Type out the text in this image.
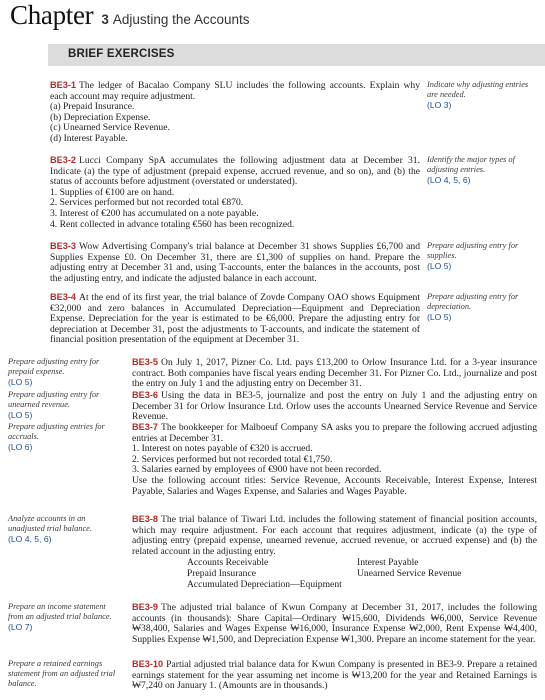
Chapter 3 Adjusting the Accounts
BRIEF EXERCISES

BE3-1 The ledger of Bacalao Company SLU includes the following accounts. Explain why each account may require adjustment.

(a) Prepaid Insurance.
(b) Depreciation Expense.
(c) Unearned Service Revenue.
(d) Interest Payable.
Indicate why adjusting entries are needed.
(LO 3)

BE3-2 Lucci Company SpA accumulates the following adjustment data at December 31. Indicate (a) the type of adjustment (prepaid expense, accrued revenue, and so on), and (b) the status of accounts before adjustment (overstated or understated).

1. Supplies of €100 are on hand.
2. Services performed but not recorded total €870.
3. Interest of €200 has accumulated on a note payable.
4. Rent collected in advance totaling €560 has been recognized.
Identify the major types of adjusting entries.
(LO 4, 5, 6)

BE3-3 Wow Advertising Company's trial balance at December 31 shows Supplies £6,700 and Supplies Expense £0. On December 31, there are £1,300 of supplies on hand. Prepare the adjusting entry at December 31 and, using T-accounts, enter the balances in the accounts, post the adjusting entry, and indicate the adjusted balance in each account.

Prepare adjusting entry for supplies.
(LO 5)

BE3-4 At the end of its first year, the trial balance of Zovde Company OAO shows Equipment €32,000 and zero balances in Accumulated Depreciation—Equipment and Depreciation Expense. Depreciation for the year is estimated to be €6,000. Prepare the adjusting entry for depreciation at December 31, post the adjustments to T-accounts, and indicate the statement of financial position presentation of the equipment at December 31.

Prepare adjusting entry for depreciation.
(LO 5)
Prepare adjusting entry for prepaid expense.
(LO 5)
Prepare adjusting entry for unearned revenue.
(LO 5)
Prepare adjusting entries for accruals.
(LO 6)
Analyze accounts in an unadjusted trial balance.
(LO 4, 5, 6)
Prepare an income statement from an adjusted trial balance.
(LO 7)
Prepare a retained earnings statement from an adjusted trial balance.

BE3-5 On July 1, 2017, Pizner Co. Ltd. pays £13,200 to Orlow Insurance Ltd. for a 3-year insurance contract. Both companies have fiscal years ending December 31. For Pizner Co. Ltd., journalize and post the entry on July 1 and the adjusting entry on December 31.

BE3-6 Using the data in BE3-5, journalize and post the entry on July 1 and the adjusting entry on December 31 for Orlow Insurance Ltd. Orlow uses the accounts Unearned Service Revenue and Service Revenue.

BE3-7 The bookkeeper for Malboeuf Company SA asks you to prepare the following accrued adjusting entries at December 31.

1. Interest on notes payable of €320 is accrued.
2. Services performed but not recorded total €1,750.
3. Salaries earned by employees of €900 have not been recorded.

Use the following account titles: Service Revenue, Accounts Receivable, Interest Expense, Interest Payable, Salaries and Wages Expense, and Salaries and Wages Payable.

BE3-8 The trial balance of Tiwari Ltd. includes the following statement of financial position accounts, which may require adjustment. For each account that requires adjustment, indicate (a) the type of adjusting entry (prepaid expense, unearned revenue, accrued revenue, or accrued expense) and (b) the related account in the adjusting entry.

Accounts Receivable
Prepaid Insurance
Accumulated Depreciation—Equipment
Interest Payable
Unearned Service Revenue

BE3-9 The adjusted trial balance of Kwun Company at December 31, 2017, includes the following accounts (in thousands): Share Capital—Ordinary ₩15,600, Dividends ₩6,000, Service Revenue ₩38,400, Salaries and Wages Expense ₩16,000, Insurance Expense ₩2,000, Rent Expense ₩4,400, Supplies Expense ₩1,500, and Depreciation Expense ₩1,300. Prepare an income statement for the year.

BE3-10 Partial adjusted trial balance data for Kwun Company is presented in BE3-9. Prepare a retained earnings statement for the year assuming net income is ₩13,200 for the year and Retained Earnings is ₩7,240 on January 1. (Amounts are in thousands.)
